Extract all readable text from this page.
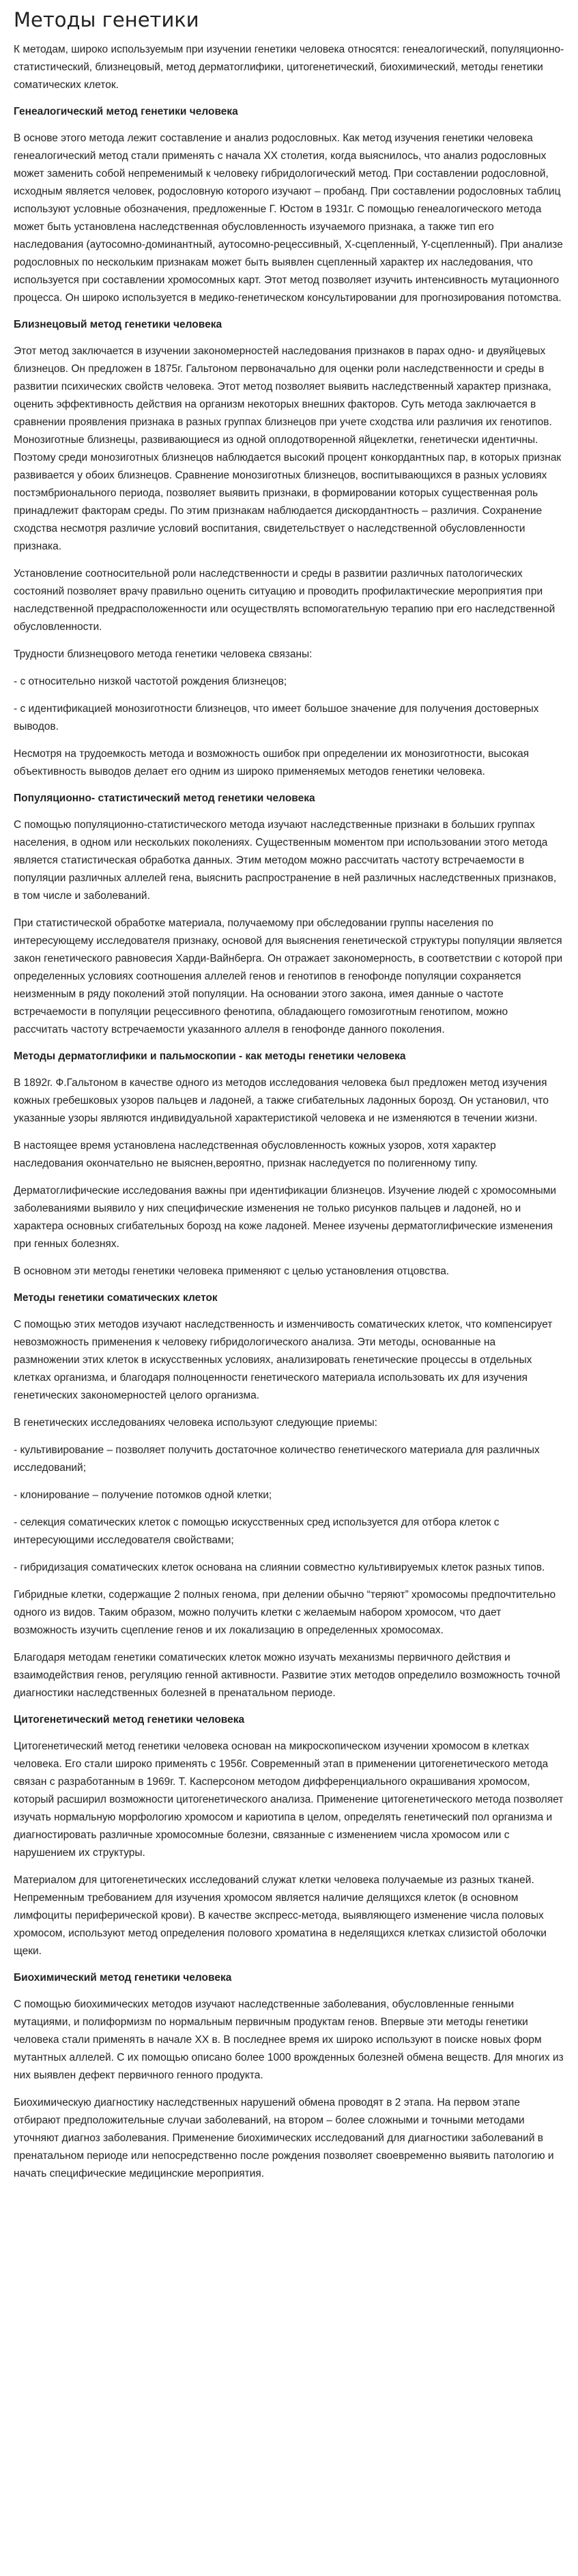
Методы генетики

К методам, широко используемым при изучении генетики человека относятся: генеалогический, популяционно-статистический, близнецовый, метод дерматоглифики, цитогенетический, биохимический, методы генетики соматических клеток.

Генеалогический метод генетики человека

В основе этого метода лежит составление и анализ родословных. Как метод изучения генетики человека генеалогический метод стали применять с начала XX столетия, когда выяснилось, что анализ родословных может заменить собой непременимый к человеку гибридологический метод. При составлении родословной, исходным является человек, родословную которого изучают – пробанд. При составлении родословных таблиц используют условные обозначения, предложенные Г. Юстом в 1931г. С помощью генеалогического метода может быть установлена наследственная обусловленность изучаемого признака, а также тип его наследования (аутосомно-доминантный, аутосомно-рецессивный, Х-сцепленный, Y-сцепленный). При анализе родословных по нескольким признакам может быть выявлен сцепленный характер их наследования, что используется при составлении хромосомных карт. Этот метод позволяет изучить интенсивность мутационного процесса. Он широко используется в медико-генетическом консультировании для прогнозирования потомства.

Близнецовый метод генетики человека

Этот метод заключается в изучении закономерностей наследования признаков в парах одно- и двуяйцевых близнецов. Он предложен в 1875г. Гальтоном первоначально для оценки роли наследственности и среды в развитии психических свойств человека. Этот метод позволяет выявить наследственный характер признака, оценить эффективность действия на организм некоторых внешних факторов. Суть метода заключается в сравнении проявления признака в разных группах близнецов при учете сходства или различия их генотипов. Монозиготные близнецы, развивающиеся из одной оплодотворенной яйцеклетки, генетически идентичны. Поэтому среди монозиготных близнецов наблюдается высокий процент конкордантных пар, в которых признак развивается у обоих близнецов. Сравнение монозиготных близнецов, воспитывающихся в разных условиях постэмбрионального периода, позволяет выявить признаки, в формировании которых существенная роль принадлежит факторам среды. По этим признакам наблюдается дискордантность – различия. Сохранение сходства несмотря различие условий воспитания, свидетельствует о наследственной обусловленности признака.

Установление соотносительной роли наследственности и среды в развитии различных патологических состояний позволяет врачу правильно оценить ситуацию и проводить профилактические мероприятия при наследственной предрасположенности или осуществлять вспомогательную терапию при его наследственной обусловленности.

Трудности близнецового метода генетики человека связаны:

- с относительно низкой частотой рождения близнецов;

- с идентификацией монозиготности близнецов, что имеет большое значение для получения достоверных выводов.

Несмотря на трудоемкость метода и возможность ошибок при определении их монозиготности, высокая объективность выводов делает его одним из широко применяемых методов генетики человека.

Популяционно- статистический метод генетики человека

С помощью популяционно-статистического метода изучают наследственные признаки в больших группах населения, в одном или нескольких поколениях. Существенным моментом при использовании этого метода является статистическая обработка данных. Этим методом можно рассчитать частоту встречаемости в популяции различных аллелей гена, выяснить распространение в ней различных наследственных признаков, в том числе и заболеваний.

При статистической обработке материала, получаемому при обследовании группы населения по интересующему исследователя признаку, основой для выяснения генетической структуры популяции является закон генетического равновесия Харди-Вайнберга. Он отражает закономерность, в соответствии с которой при определенных условиях соотношения аллелей генов и генотипов в генофонде популяции сохраняется неизменным в ряду поколений этой популяции. На основании этого закона, имея данные о частоте встречаемости в популяции рецессивного фенотипа, обладающего гомозиготным генотипом, можно рассчитать частоту встречаемости указанного аллеля в генофонде данного поколения.

Методы дерматоглифики и пальмоскопии - как методы генетики человека

В 1892г. Ф.Гальтоном в качестве одного из методов исследования человека был предложен метод изучения кожных гребешковых узоров пальцев и ладоней, а также сгибательных ладонных борозд. Он установил, что указанные узоры являются индивидуальной характеристикой человека и не изменяются в течении жизни.

В настоящее время установлена наследственная обусловленность кожных узоров, хотя характер наследования окончательно не выяснен,вероятно, признак наследуется по полигенному типу.

Дерматоглифические исследования важны при идентификации близнецов. Изучение людей с хромосомными заболеваниями выявило у них специфические изменения не только рисунков пальцев и ладоней, но и характера основных сгибательных борозд на коже ладоней. Менее изучены дерматоглифические изменения при генных болезнях.

В основном эти методы генетики человека применяют с целью установления отцовства.

Методы генетики соматических клеток

С помощью этих методов изучают наследственность и изменчивость соматических клеток, что компенсирует невозможность применения к человеку гибридологического анализа. Эти методы, основанные на размножении этих клеток в искусственных условиях, анализировать генетические процессы в отдельных клетках организма, и благодаря полноценности генетического материала использовать их для изучения генетических закономерностей целого организма.

В генетических исследованиях человека используют следующие приемы:

- культивирование – позволяет получить достаточное количество генетического материала для различных исследований;

- клонирование – получение потомков одной клетки;

- селекция соматических клеток с помощью искусственных сред используется для отбора клеток с интересующими исследователя свойствами;

- гибридизация соматических клеток основана на слиянии совместно культивируемых клеток разных типов.

Гибридные клетки, содержащие 2 полных генома, при делении обычно “теряют” хромосомы предпочтительно одного из видов. Таким образом, можно получить клетки с желаемым набором хромосом, что дает возможность изучить сцепление генов и их локализацию в определенных хромосомах.

Благодаря методам генетики соматических клеток можно изучать механизмы первичного действия и взаимодействия генов, регуляцию генной активности. Развитие этих методов определило возможность точной диагностики наследственных болезней в пренатальном периоде.

Цитогенетический метод генетики человека

Цитогенетический метод генетики человека основан на микроскопическом изучении хромосом в клетках человека. Его стали широко применять с 1956г. Современный этап в применении цитогенетического метода связан с разработанным в 1969г. Т. Касперсоном методом дифференциального окрашивания хромосом, который расширил возможности цитогенетического анализа. Применение цитогенетического метода позволяет изучать нормальную морфологию хромосом и кариотипа в целом, определять генетический пол организма и диагностировать различные хромосомные болезни, связанные с изменением числа хромосом или с нарушением их структуры.

Материалом для цитогенетических исследований служат клетки человека получаемые из разных тканей. Непременным требованием для изучения хромосом является наличие делящихся клеток (в основном лимфоциты периферической крови). В качестве экспресс-метода, выявляющего изменение числа половых хромосом, используют метод определения полового хроматина в неделящихся клетках слизистой оболочки щеки.

Биохимический метод генетики человека

С помощью биохимических методов изучают наследственные заболевания, обусловленные генными мутациями, и полиформизм по нормальным первичным продуктам генов. Впервые эти методы генетики человека стали применять в начале ХХ в. В последнее время их широко используют в поиске новых форм мутантных аллелей. С их помощью описано более 1000 врожденных болезней обмена веществ. Для многих из них выявлен дефект первичного генного продукта.

Биохимическую диагностику наследственных нарушений обмена проводят в 2 этапа. На первом этапе отбирают предположительные случаи заболеваний, на втором – более сложными и точными методами уточняют диагноз заболевания. Применение биохимических исследований для диагностики заболеваний в пренатальном периоде или непосредственно после рождения позволяет своевременно выявить патологию и начать специфические медицинские мероприятия.
